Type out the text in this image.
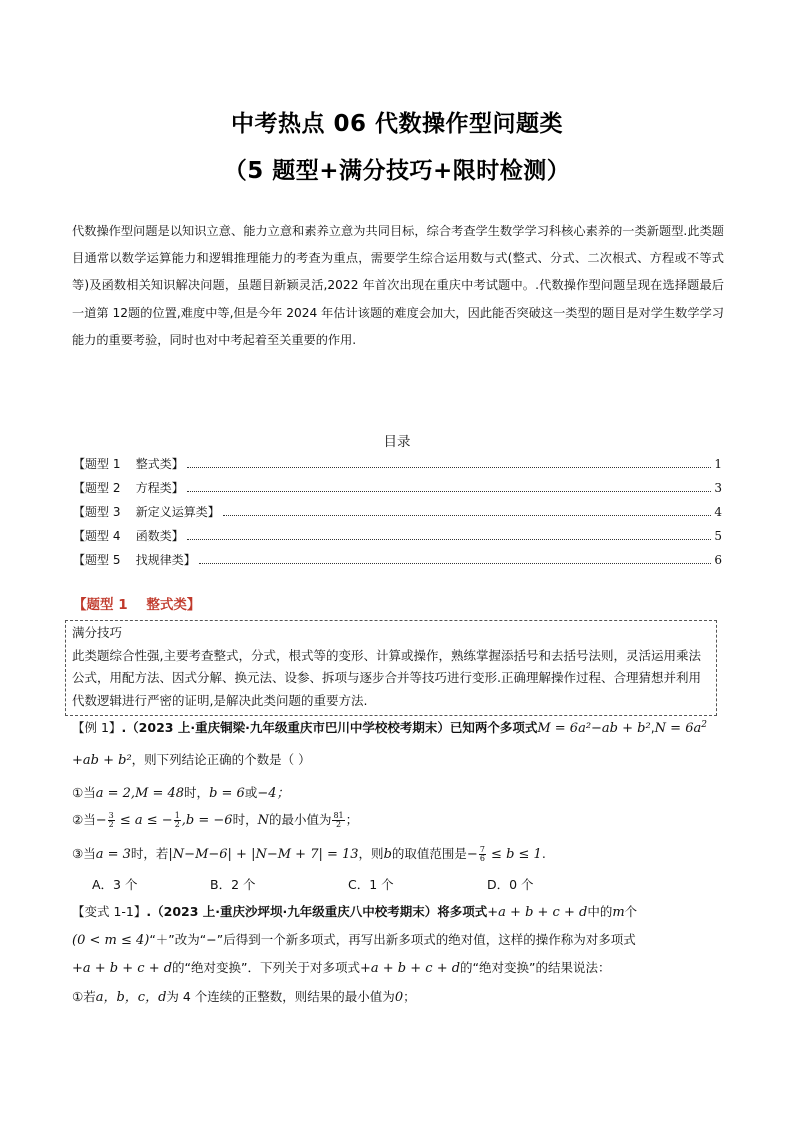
中考热点 06 代数操作型问题类
（5 题型+满分技巧+限时检测）
代数操作型问题是以知识立意、能力立意和素养立意为共同目标，综合考查学生数学学习科核心素养的一类新题型.此类题目通常以数学运算能力和逻辑推理能力的考查为重点，需要学生综合运用数与式(整式、分式、二次根式、方程或不等式等)及函数相关知识解决问题，虽题目新颖灵活,2022 年首次出现在重庆中考试题中。.代数操作型问题呈现在选择题最后一道第 12题的位置,难度中等,但是今年 2024 年估计该题的难度会加大，因此能否突破这一类型的题目是对学生数学学习能力的重要考验，同时也对中考起着至关重要的作用.
目录
【题型 1    整式类】	1
【题型 2    方程类】	3
【题型 3    新定义运算类】	4
【题型 4    函数类】	5
【题型 5    找规律类】	6
【题型 1    整式类】
满分技巧
此类题综合性强,主要考查整式，分式，根式等的变形、计算或操作，熟练掌握添括号和去括号法则，灵活运用乘法公式，用配方法、因式分解、换元法、设参、拆项与逐步合并等技巧进行变形.正确理解操作过程、合理猜想并利用代数逻辑进行严密的证明,是解决此类问题的重要方法.
【例 1】.（2023 上·重庆铜梁·九年级重庆市巴川中学校校考期末）已知两个多项式$M = 6a^2-ab + b^2,N = 6a^2$
+ab + b²，则下列结论正确的个数是（ ）
①当a = 2,M = 48时，b = 6或−4；
②当− $\frac{3}{2} \le a$ ≤ − $\frac{1}{2} ,b = -6$时，N的最小值为 $\frac{81}{2}$ ；
③当a = 3时，若|N−M−6| + |N−M + 7| = 13，则b的取值范围是− $\frac{7}{6} \le b \le 1$.
A．3 个	B．2 个	C．1 个	D．0 个
【变式 1-1】.（2023 上·重庆沙坪坝·九年级重庆八中校考期末）将多项式+a + b + c + d中的m个
(0 < m ≤ 4)“＋”改为“−”后得到一个新多项式，再写出新多项式的绝对值，这样的操作称为对多项式
+a + b + c + d的“绝对变换”．下列关于对多项式+a + b + c + d的“绝对变换”的结果说法：
①若a，b，c，d为 4 个连续的正整数，则结果的最小值为0；
